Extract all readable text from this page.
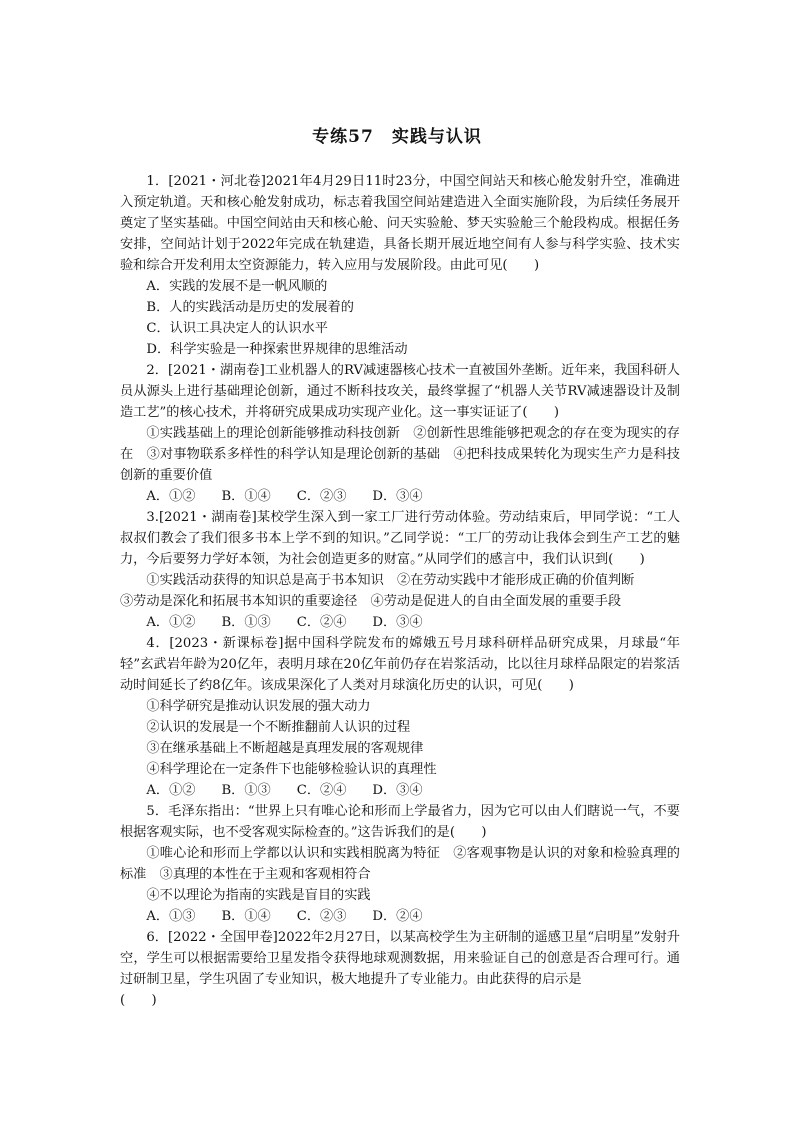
专练57　实践与认识

1．[2021・河北卷]2021年4月29日11时23分，中国空间站天和核心舱发射升空，准确进入预定轨道。天和核心舱发射成功，标志着我国空间站建造进入全面实施阶段，为后续任务展开奠定了坚实基础。中国空间站由天和核心舱、问天实验舱、梦天实验舱三个舱段构成。根据任务安排，空间站计划于2022年完成在轨建造，具备长期开展近地空间有人参与科学实验、技术实验和综合开发利用太空资源能力，转入应用与发展阶段。由此可见(　　)

A．实践的发展不是一帆风顺的

B．人的实践活动是历史的发展着的

C．认识工具决定人的认识水平

D．科学实验是一种探索世界规律的思维活动

2．[2021・湖南卷]工业机器人的RV减速器核心技术一直被国外垄断。近年来，我国科研人员从源头上进行基础理论创新，通过不断科技攻关，最终掌握了“机器人关节RV减速器设计及制造工艺”的核心技术，并将研究成果成功实现产业化。这一事实证证了(　　)

①实践基础上的理论创新能够推动科技创新　②创新性思维能够把观念的存在变为现实的存在　③对事物联系多样性的科学认知是理论创新的基础　④把科技成果转化为现实生产力是科技创新的重要价值

A．①② B．①④ C．②③ D．③④

3.[2021・湖南卷]某校学生深入到一家工厂进行劳动体验。劳动结束后，甲同学说：“工人叔叔们教会了我们很多书本上学不到的知识。”乙同学说：“工厂的劳动让我体会到生产工艺的魅力，今后要努力学好本领，为社会创造更多的财富。”从同学们的感言中，我们认识到(　　)

①实践活动获得的知识总是高于书本知识　②在劳动实践中才能形成正确的价值判断

③劳动是深化和拓展书本知识的重要途径　④劳动是促进人的自由全面发展的重要手段

A．①② B．①③ C．②④ D．③④

4．[2023・新课标卷]据中国科学院发布的嫦娥五号月球科研样品研究成果，月球最“年轻”玄武岩年龄为20亿年，表明月球在20亿年前仍存在岩浆活动，比以往月球样品限定的岩浆活动时间延长了约8亿年。该成果深化了人类对月球演化历史的认识，可见(　　)

①科学研究是推动认识发展的强大动力

②认识的发展是一个不断推翻前人认识的过程

③在继承基础上不断超越是真理发展的客观规律

④科学理论在一定条件下也能够检验认识的真理性

A．①② B．①③ C．②④ D．③④

5．毛泽东指出：“世界上只有唯心论和形而上学最省力，因为它可以由人们瞎说一气，不要根据客观实际，也不受客观实际检查的。”这告诉我们的是(　　)

①唯心论和形而上学都以认识和实践相脱离为特征　②客观事物是认识的对象和检验真理的标准　③真理的本性在于主观和客观相符合

④不以理论为指南的实践是盲目的实践

A．①③ B．①④ C．②③ D．②④

6．[2022・全国甲卷]2022年2月27日，以某高校学生为主研制的遥感卫星“启明星”发射升空，学生可以根据需要给卫星发指令获得地球观测数据，用来验证自己的创意是否合理可行。通过研制卫星，学生巩固了专业知识，极大地提升了专业能力。由此获得的启示是

(　　)
